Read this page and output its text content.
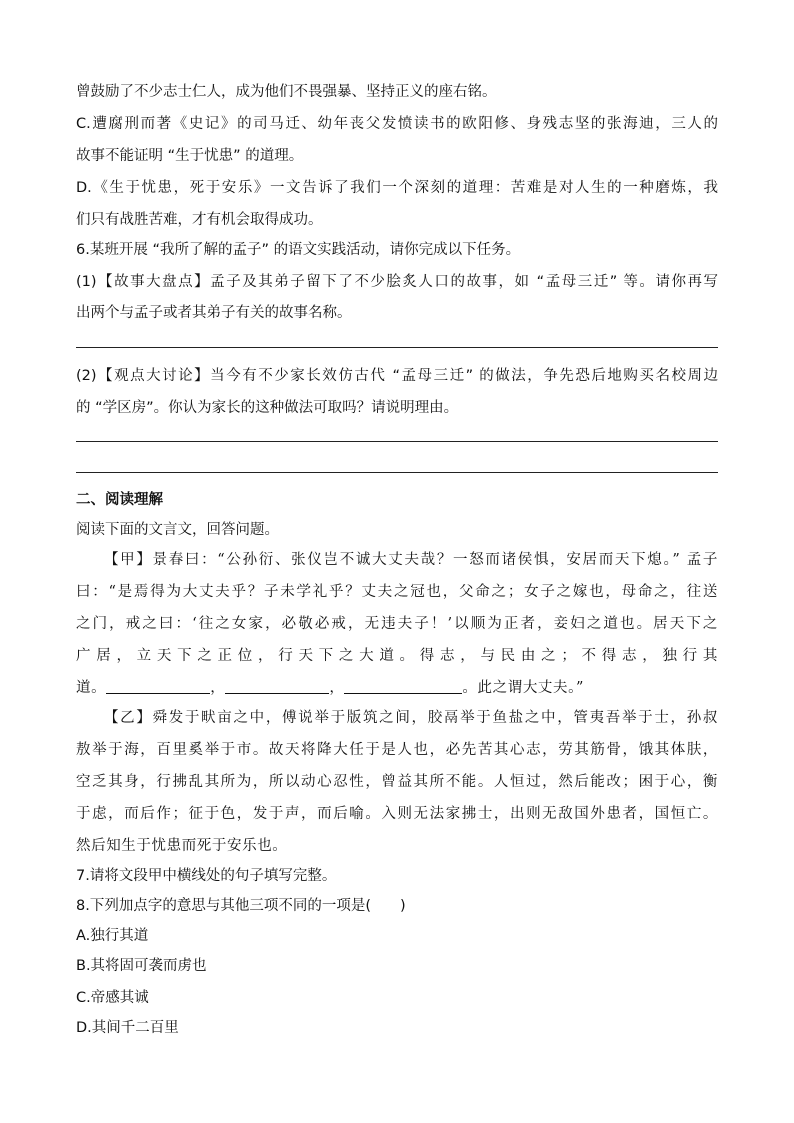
曾鼓励了不少志士仁人，成为他们不畏强暴、坚持正义的座右铭。
C.遭腐刑而著《史记》的司马迁、幼年丧父发愤读书的欧阳修、身残志坚的张海迪，三人的
故事不能证明 “生于忧患” 的道理。
D.《生于忧患，死于安乐》一文告诉了我们一个深刻的道理：苦难是对人生的一种磨炼，我
们只有战胜苦难，才有机会取得成功。
6.某班开展 “我所了解的孟子” 的语文实践活动，请你完成以下任务。
(1)【故事大盘点】孟子及其弟子留下了不少脍炙人口的故事，如 “孟母三迁” 等。请你再写
出两个与孟子或者其弟子有关的故事名称。
(2)【观点大讨论】当今有不少家长效仿古代 “孟母三迁” 的做法，争先恐后地购买名校周边
的 “学区房”。你认为家长的这种做法可取吗？请说明理由。
二、阅读理解
阅读下面的文言文，回答问题。
【甲】景春曰：“公孙衍、张仪岂不诚大丈夫哉？一怒而诸侯惧，安居而天下熄。” 孟子
曰：“是焉得为大丈夫乎？子未学礼乎？丈夫之冠也，父命之；女子之嫁也，母命之，往送
之门，戒之曰：‘往之女家，必敬必戒，无违夫子！’以顺为正者，妾妇之道也。居天下之
广居，立天下之正位，行天下之大道。得志，与民由之；不得志，独行其
道。	，	，	。此之谓大丈夫。”
【乙】舜发于畎亩之中，傅说举于版筑之间，胶鬲举于鱼盐之中，管夷吾举于士，孙叔
敖举于海，百里奚举于市。故天将降大任于是人也，必先苦其心志，劳其筋骨，饿其体肤，
空乏其身，行拂乱其所为，所以动心忍性，曾益其所不能。人恒过，然后能改；困于心，衡
于虑，而后作；征于色，发于声，而后喻。入则无法家拂士，出则无敌国外患者，国恒亡。
然后知生于忧患而死于安乐也。
7.请将文段甲中横线处的句子填写完整。
8.下列加点字的意思与其他三项不同的一项是(　　)
A.独行其道
B.其将固可袭而虏也
C.帝感其诚
D.其间千二百里
